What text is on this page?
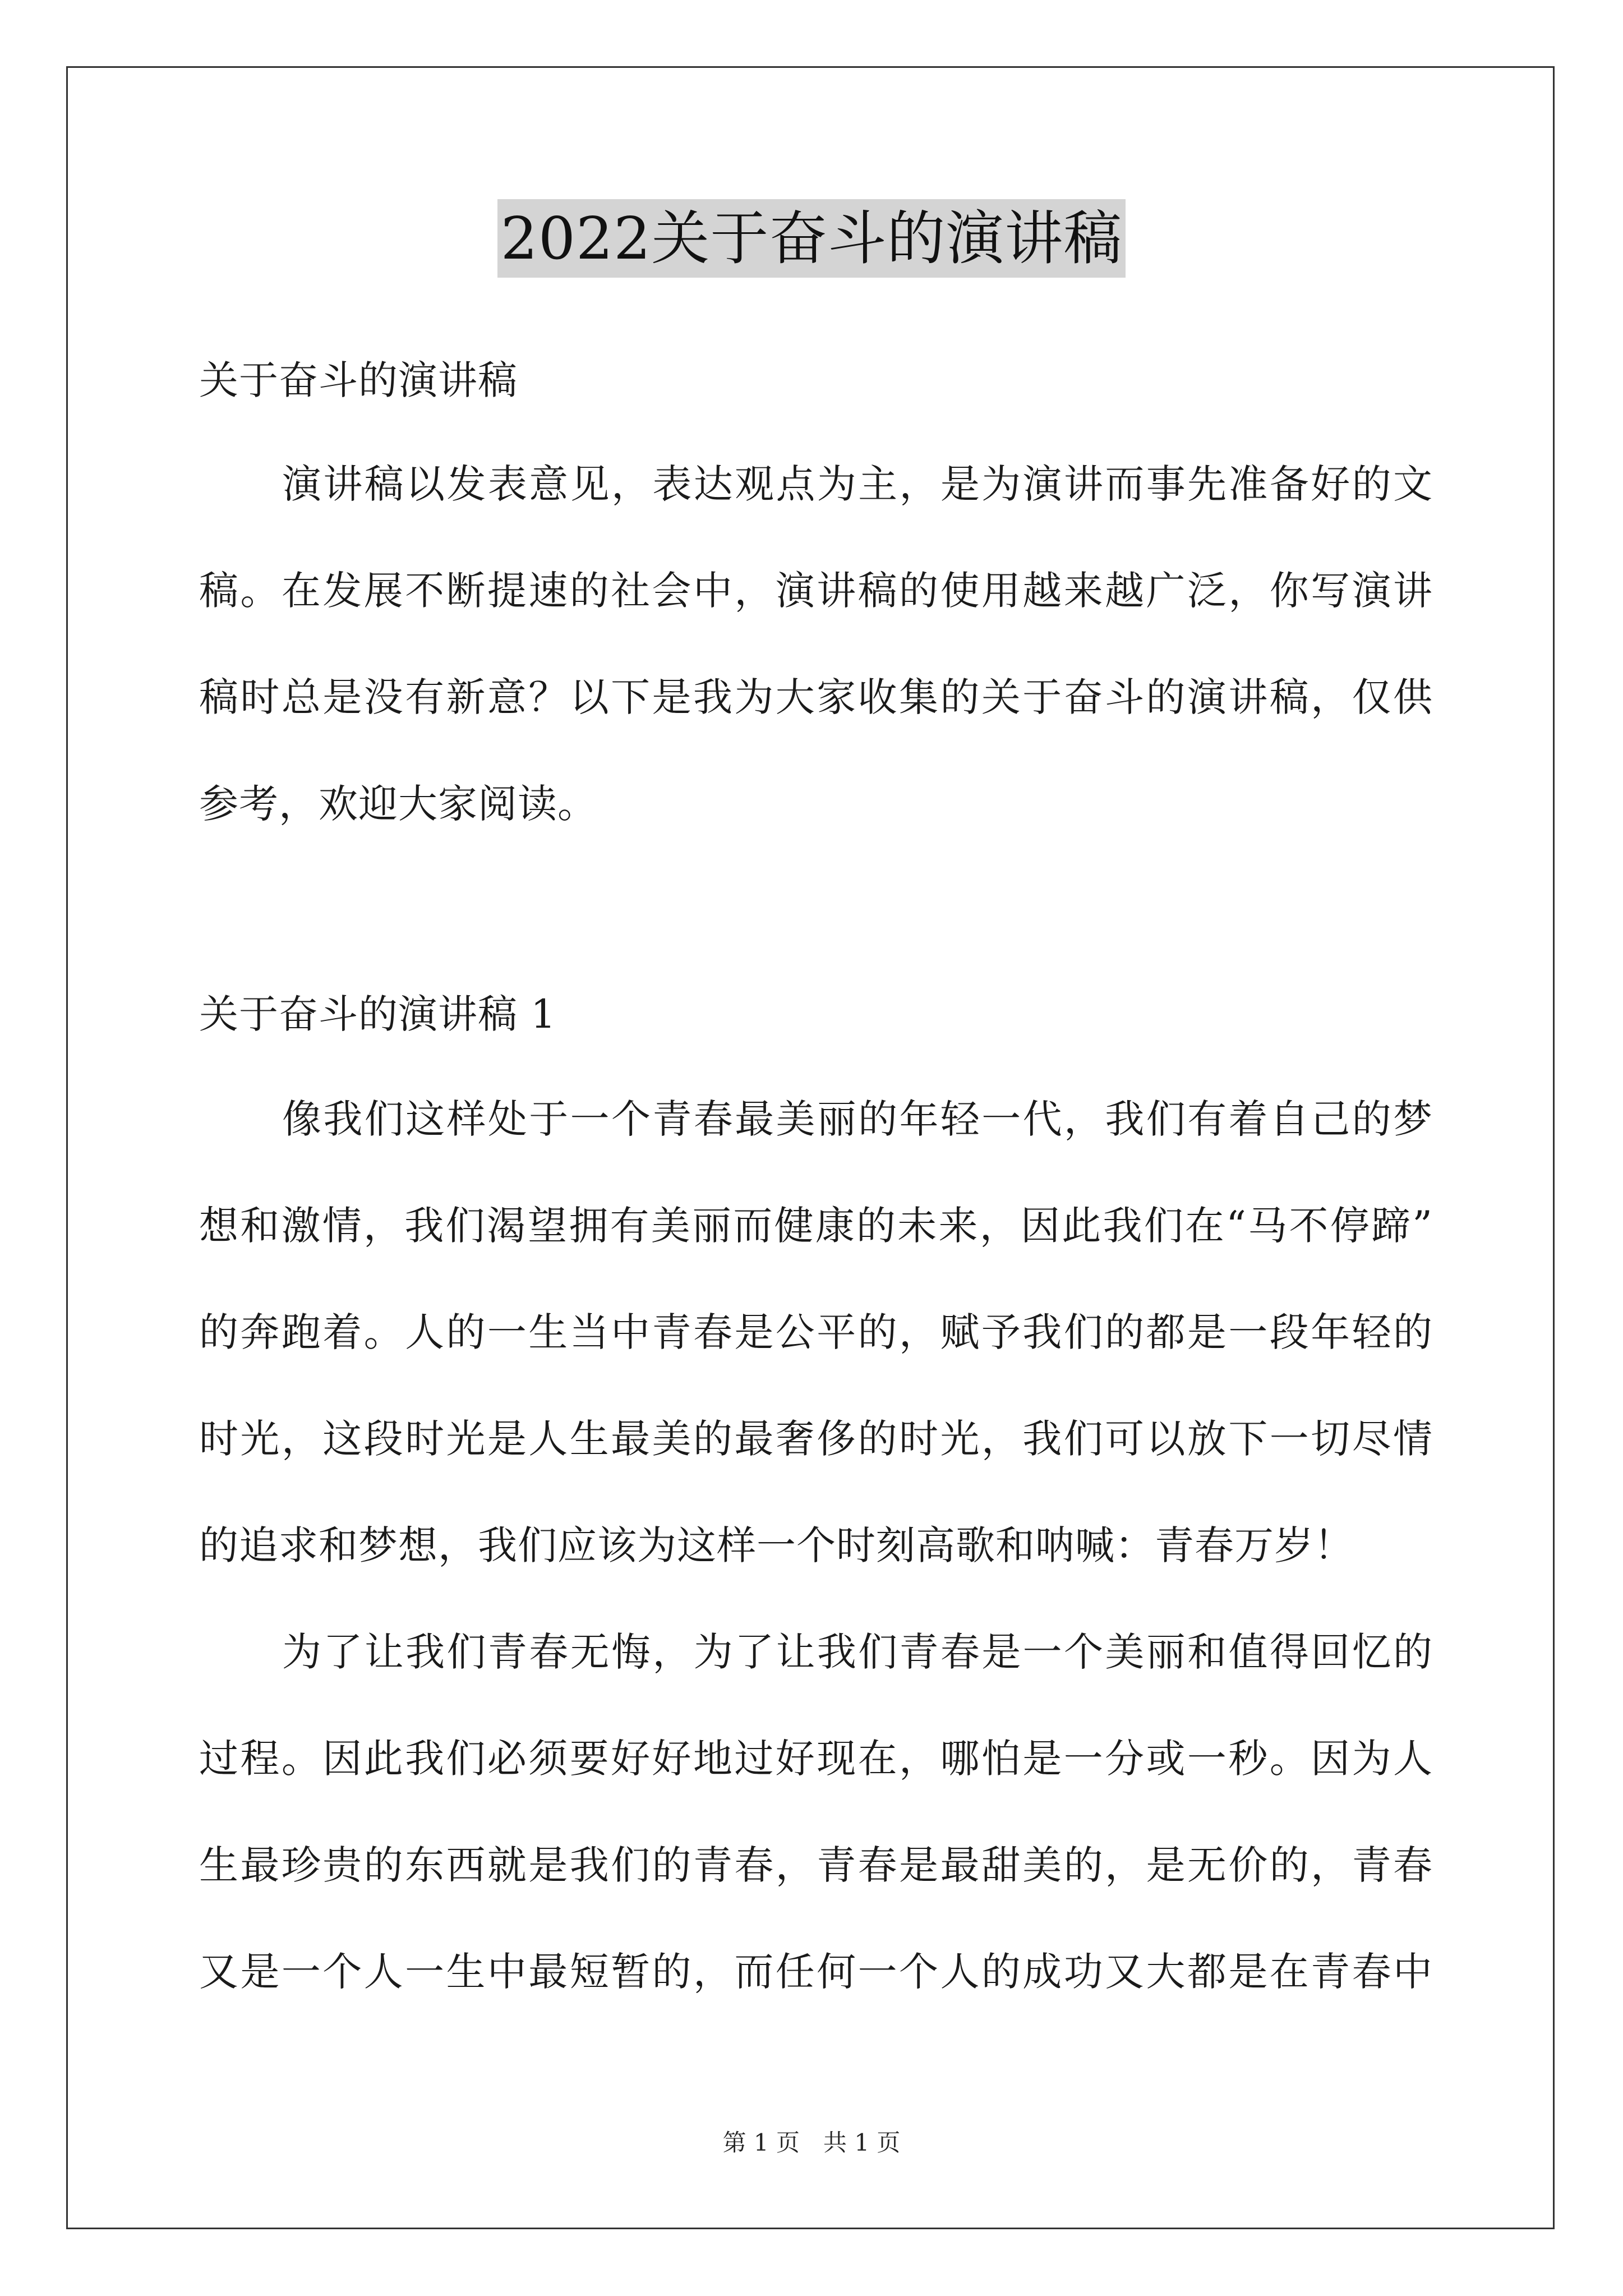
2022关于奋斗的演讲稿
关于奋斗的演讲稿
演讲稿以发表意见，表达观点为主，是为演讲而事先准备好的文
稿。在发展不断提速的社会中，演讲稿的使用越来越广泛，你写演讲
稿时总是没有新意？以下是我为大家收集的关于奋斗的演讲稿，仅供
参考，欢迎大家阅读。
关于奋斗的演讲稿 1
像我们这样处于一个青春最美丽的年轻一代，我们有着自己的梦
想和激情，我们渴望拥有美丽而健康的未来，因此我们在“马不停蹄”
的奔跑着。人的一生当中青春是公平的，赋予我们的都是一段年轻的
时光，这段时光是人生最美的最奢侈的时光，我们可以放下一切尽情
的追求和梦想，我们应该为这样一个时刻高歌和呐喊：青春万岁！
为了让我们青春无悔，为了让我们青春是一个美丽和值得回忆的
过程。因此我们必须要好好地过好现在，哪怕是一分或一秒。因为人
生最珍贵的东西就是我们的青春，青春是最甜美的，是无价的，青春
又是一个人一生中最短暂的，而任何一个人的成功又大都是在青春中
第 1 页　共 1 页
